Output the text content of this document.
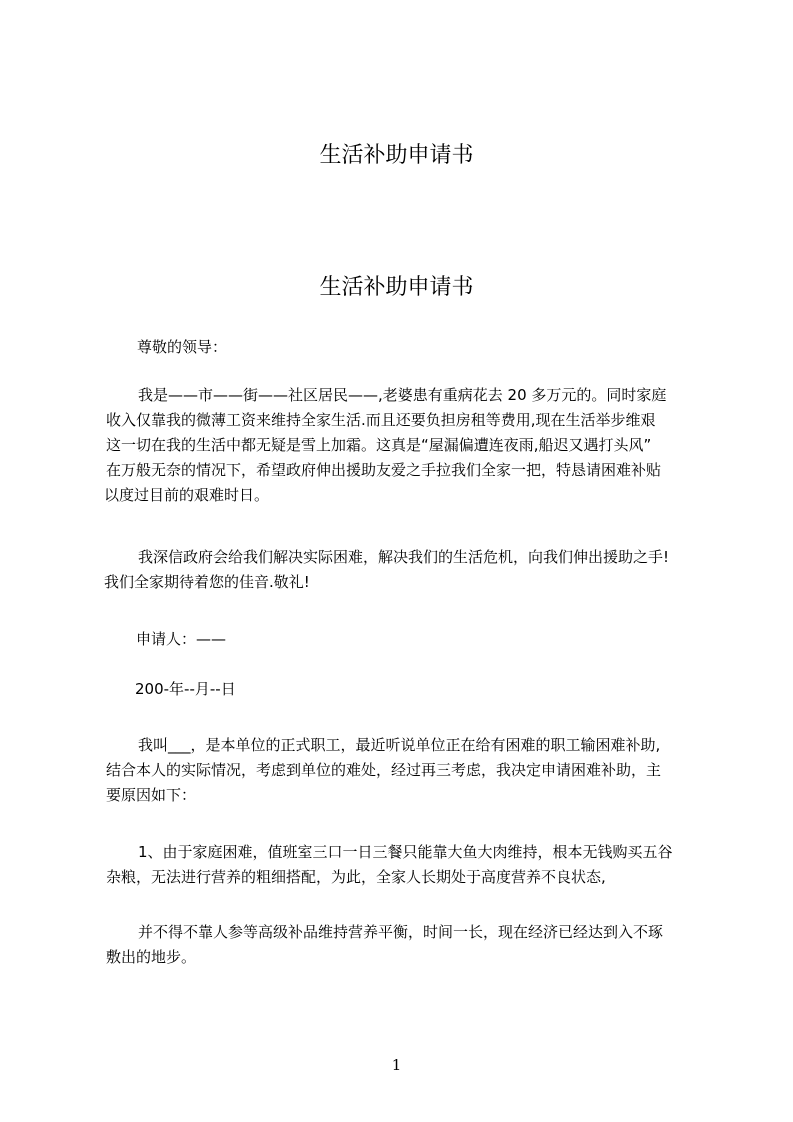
生活补助申请书
生活补助申请书

尊敬的领导：

我是——市——街——社区居民——,老婆患有重病花去 20 多万元的。同时家庭
收入仅靠我的微薄工资来维持全家生活.而且还要负担房租等费用,现在生活举步维艰
这一切在我的生活中都无疑是雪上加霜。这真是“屋漏偏遭连夜雨,船迟又遇打头风”
在万般无奈的情况下，希望政府伸出援助友爱之手拉我们全家一把，特恳请困难补贴
以度过目前的艰难时日。
我深信政府会给我们解决实际困难，解决我们的生活危机，向我们伸出援助之手!
我们全家期待着您的佳音.敬礼!

申请人：——

200-年--月--日

我叫___，是本单位的正式职工，最近听说单位正在给有困难的职工输困难补助,
结合本人的实际情况，考虑到单位的难处，经过再三考虑，我决定申请困难补助，主
要原因如下：
1、由于家庭困难，值班室三口一日三餐只能靠大鱼大肉维持，根本无钱购买五谷
杂粮，无法进行营养的粗细搭配，为此，全家人长期处于高度营养不良状态,
并不得不靠人参等高级补品维持营养平衡，时间一长，现在经济已经达到入不琢
敷出的地步。
1
